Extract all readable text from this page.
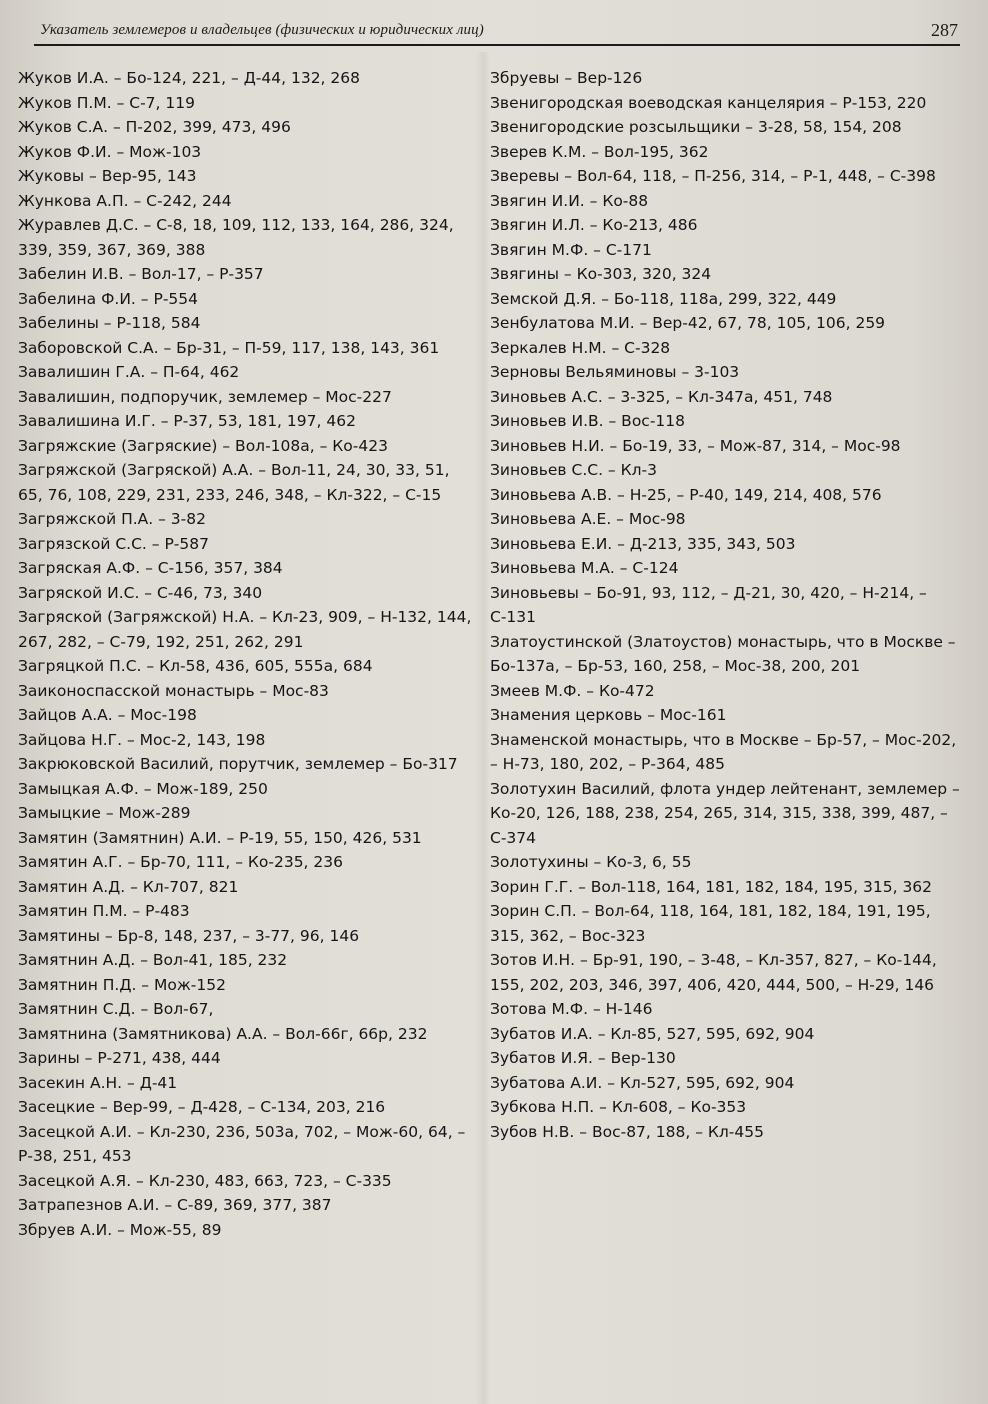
Указатель землемеров и владельцев (физических и юридических лиц)	287
Жуков И.А. – Бо-124, 221, – Д-44, 132, 268
Жуков П.М. – С-7, 119
Жуков С.А. – П-202, 399, 473, 496
Жуков Ф.И. – Мож-103
Жуковы – Вер-95, 143
Жункова А.П. – С-242, 244
Журавлев Д.С. – С-8, 18, 109, 112, 133, 164, 286, 324, 339, 359, 367, 369, 388
Забелин И.В. – Вол-17, – Р-357
Забелина Ф.И. – Р-554
Забелины – Р-118, 584
Заборовской С.А. – Бр-31, – П-59, 117, 138, 143, 361
Завалишин Г.А. – П-64, 462
Завалишин, подпоручик, землемер – Мос-227
Завалишина И.Г. – Р-37, 53, 181, 197, 462
Загряжские (Загряские) – Вол-108а, – Ко-423
Загряжской (Загряской) А.А. – Вол-11, 24, 30, 33, 51, 65, 76, 108, 229, 231, 233, 246, 348, – Кл-322, – С-15
Загряжской П.А. – 3-82
Загрязской С.С. – Р-587
Загряская А.Ф. – С-156, 357, 384
Загряской И.С. – С-46, 73, 340
Загряской (Загряжской) Н.А. – Кл-23, 909, – Н-132, 144, 267, 282, – С-79, 192, 251, 262, 291
Загряцкой П.С. – Кл-58, 436, 605, 555а, 684
Заиконоспасской монастырь – Мос-83
Зайцов А.А. – Мос-198
Зайцова Н.Г. – Мос-2, 143, 198
Закрюковской Василий, порутчик, землемер – Бо-317
Замыцкая А.Ф. – Мож-189, 250
Замыцкие – Мож-289
Замятин (Замятнин) А.И. – Р-19, 55, 150, 426, 531
Замятин А.Г. – Бр-70, 111, – Ко-235, 236
Замятин А.Д. – Кл-707, 821
Замятин П.М. – Р-483
Замятины – Бр-8, 148, 237, – 3-77, 96, 146
Замятнин А.Д. – Вол-41, 185, 232
Замятнин П.Д. – Мож-152
Замятнин С.Д. – Вол-67,
Замятнина (Замятникова) А.А. – Вол-66г, 66р, 232
Зарины – Р-271, 438, 444
Засекин А.Н. – Д-41
Засецкие – Вер-99, – Д-428, – С-134, 203, 216
Засецкой А.И. – Кл-230, 236, 503а, 702, – Мож-60, 64, – Р-38, 251, 453
Засецкой А.Я. – Кл-230, 483, 663, 723, – С-335
Затрапезнов А.И. – С-89, 369, 377, 387
Збруев А.И. – Мож-55, 89
Збруевы – Вер-126
Звенигородская воеводская канцелярия – Р-153, 220
Звенигородские розсыльщики – 3-28, 58, 154, 208
Зверев К.М. – Вол-195, 362
Зверевы – Вол-64, 118, – П-256, 314, – Р-1, 448, – С-398
Звягин И.И. – Ко-88
Звягин И.Л. – Ко-213, 486
Звягин М.Ф. – С-171
Звягины – Ко-303, 320, 324
Земской Д.Я. – Бо-118, 118а, 299, 322, 449
Зенбулатова М.И. – Вер-42, 67, 78, 105, 106, 259
Зеркалев Н.М. – С-328
Зерновы Вельяминовы – 3-103
Зиновьев А.С. – 3-325, – Кл-347а, 451, 748
Зиновьев И.В. – Вос-118
Зиновьев Н.И. – Бо-19, 33, – Мож-87, 314, – Мос-98
Зиновьев С.С. – Кл-3
Зиновьева А.В. – Н-25, – Р-40, 149, 214, 408, 576
Зиновьева А.Е. – Мос-98
Зиновьева Е.И. – Д-213, 335, 343, 503
Зиновьева М.А. – С-124
Зиновьевы – Бо-91, 93, 112, – Д-21, 30, 420, – Н-214, – С-131
Златоустинской (Златоустов) монастырь, что в Москве – Бо-137а, – Бр-53, 160, 258, – Мос-38, 200, 201
Змеев М.Ф. – Ко-472
Знамения церковь – Мос-161
Знаменской монастырь, что в Москве – Бр-57, – Мос-202, – Н-73, 180, 202, – Р-364, 485
Золотухин Василий, флота ундер лейтенант, землемер – Ко-20, 126, 188, 238, 254, 265, 314, 315, 338, 399, 487, – С-374
Золотухины – Ко-3, 6, 55
Зорин Г.Г. – Вол-118, 164, 181, 182, 184, 195, 315, 362
Зорин С.П. – Вол-64, 118, 164, 181, 182, 184, 191, 195, 315, 362, – Вос-323
Зотов И.Н. – Бр-91, 190, – 3-48, – Кл-357, 827, – Ко-144, 155, 202, 203, 346, 397, 406, 420, 444, 500, – Н-29, 146
Зотова М.Ф. – Н-146
Зубатов И.А. – Кл-85, 527, 595, 692, 904
Зубатов И.Я. – Вер-130
Зубатова А.И. – Кл-527, 595, 692, 904
Зубкова Н.П. – Кл-608, – Ко-353
Зубов Н.В. – Вос-87, 188, – Кл-455
